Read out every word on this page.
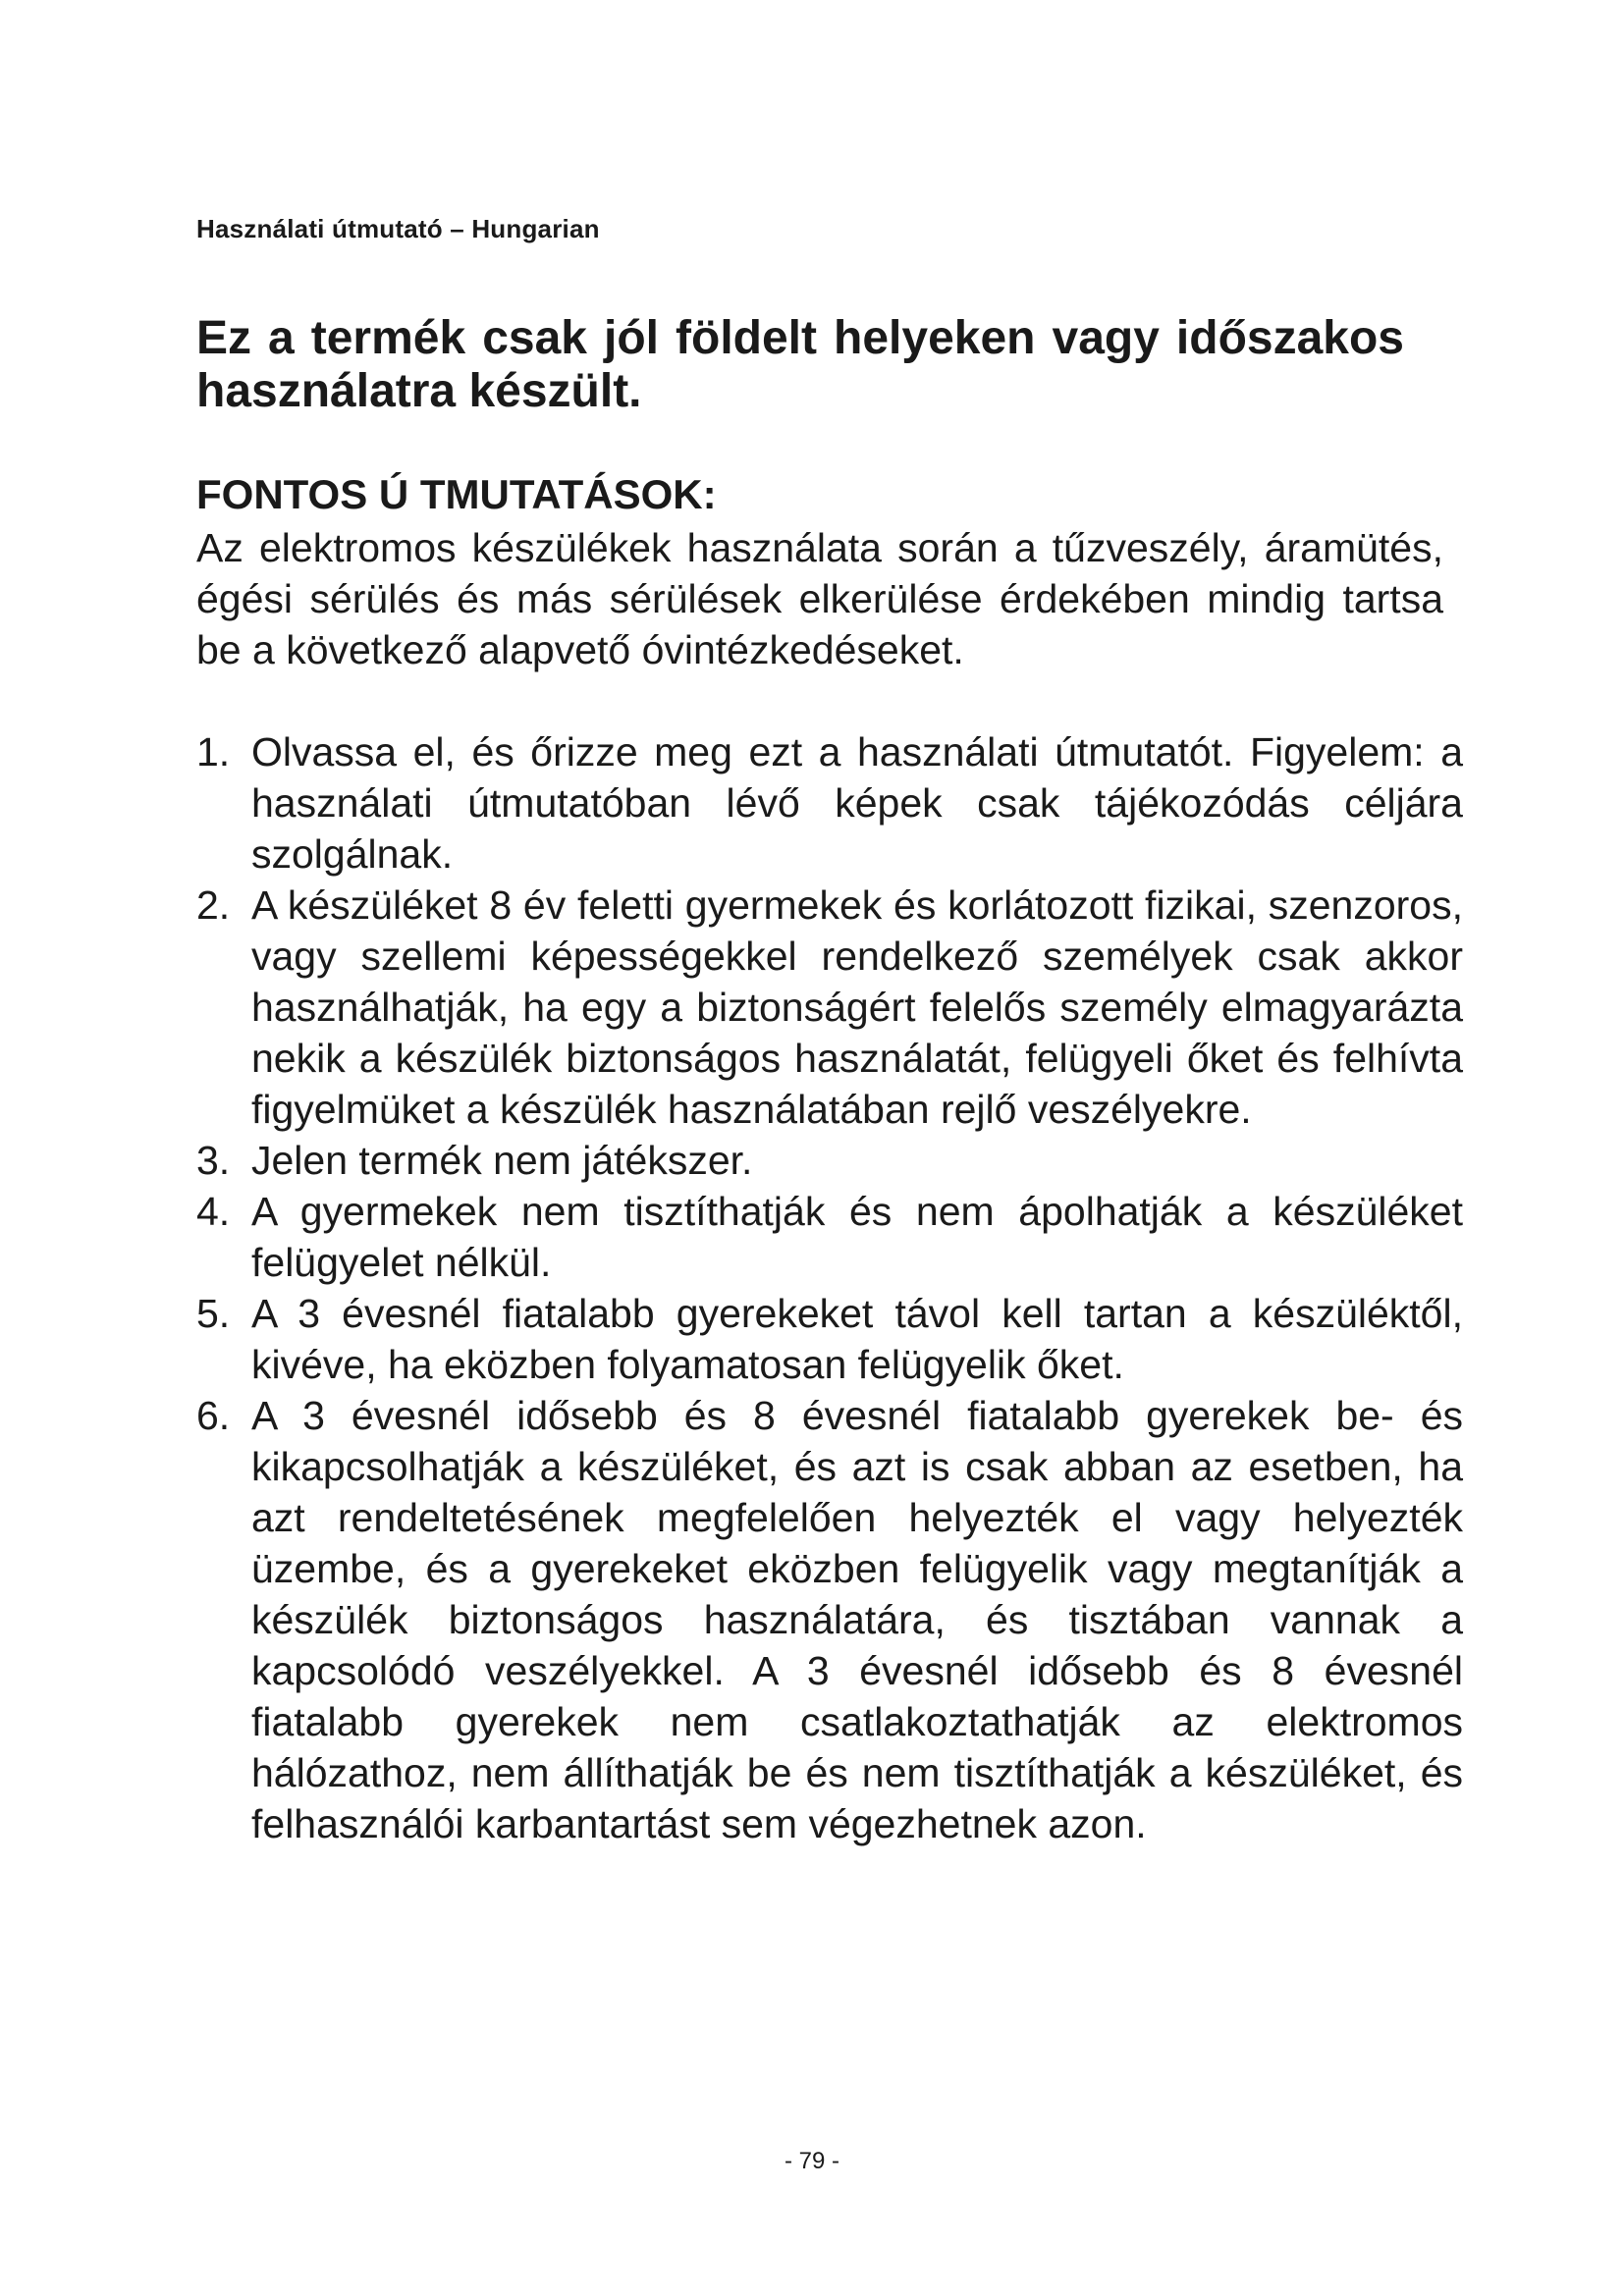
Használati útmutató – Hungarian
Ez a termék csak jól földelt helyeken vagy időszakos használatra készült.
FONTOS Ú TMUTATÁSOK:

Az elektromos készülékek használata során a tűzveszély, áramütés, égési sérülés és más sérülések elkerülése érdekében mindig tartsa be a következő alapvető óvintézkedéseket.

1. Olvassa el, és őrizze meg ezt a használati útmutatót. Figyelem: a használati útmutatóban lévő képek csak tájékozódás céljára szolgálnak.
2. A készüléket 8 év feletti gyermekek és korlátozott fizikai, szenzoros, vagy szellemi képességekkel rendelkező személyek csak akkor használhatják, ha egy a biztonságért felelős személy elmagyarázta nekik a készülék biztonságos használatát, felügyeli őket és felhívta figyelmüket a készülék használatában rejlő veszélyekre.
3. Jelen termék nem játékszer.
4. A gyermekek nem tisztíthatják és nem ápolhatják a készüléket felügyelet nélkül.
5. A 3 évesnél fiatalabb gyerekeket távol kell tartan a készüléktől, kivéve, ha eközben folyamatosan felügyelik őket.
6. A 3 évesnél idősebb és 8 évesnél fiatalabb gyerekek be- és kikapcsolhatják a készüléket, és azt is csak abban az esetben, ha azt rendeltetésének megfelelően helyezték el vagy helyezték üzembe, és a gyerekeket eközben felügyelik vagy megtanítják a készülék biztonságos használatára, és tisztában vannak a kapcsolódó veszélyekkel. A 3 évesnél idősebb és 8 évesnél fiatalabb gyerekek nem csatlakoztathatják az elektromos hálózathoz, nem állíthatják be és nem tisztíthatják a készüléket, és felhasználói karbantartást sem végezhetnek azon.
- 79 -
